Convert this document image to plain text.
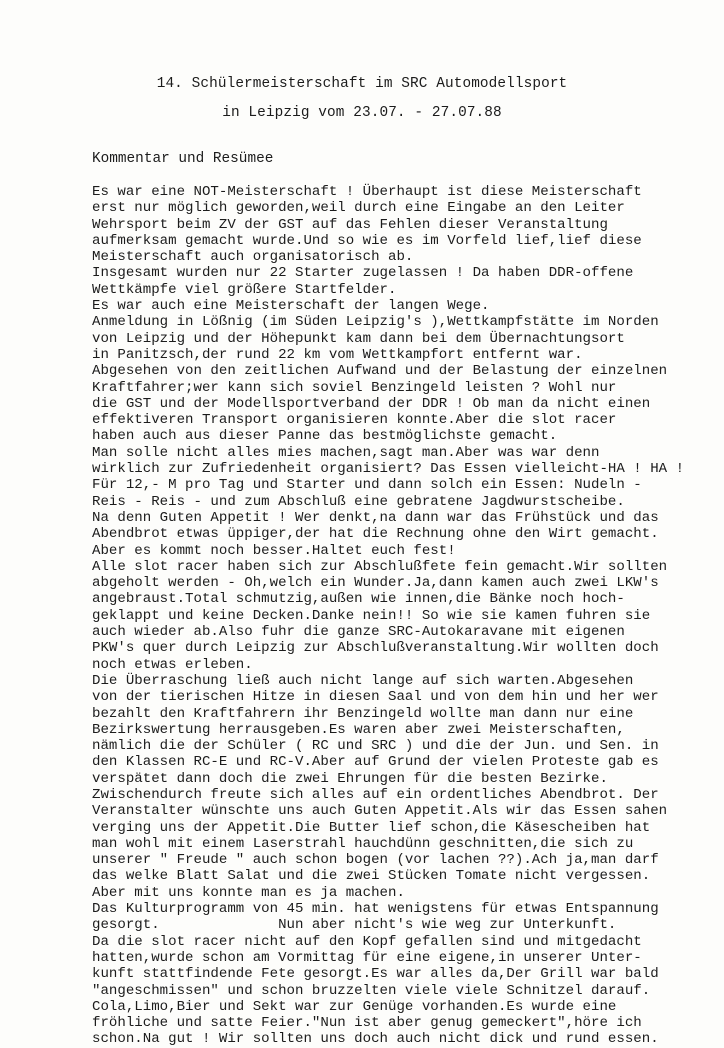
14. Schülermeisterschaft im SRC Automodellsport
in Leipzig vom 23.07. - 27.07.88
Kommentar und Resümee
Es war eine NOT-Meisterschaft ! Überhaupt ist diese Meisterschaft
erst nur möglich geworden,weil durch eine Eingabe an den Leiter
Wehrsport beim ZV der GST auf das Fehlen dieser Veranstaltung
aufmerksam gemacht wurde.Und so wie es im Vorfeld lief,lief diese
Meisterschaft auch organisatorisch ab.
Insgesamt wurden nur 22 Starter zugelassen ! Da haben DDR-offene
Wettkämpfe viel größere Startfelder.
Es war auch eine Meisterschaft der langen Wege.
Anmeldung in Lößnig (im Süden Leipzig's ),Wettkampfstätte im Norden
von Leipzig und der Höhepunkt kam dann bei dem Übernachtungsort
in Panitzsch,der rund 22 km vom Wettkampfort entfernt war.
Abgesehen von den zeitlichen Aufwand und der Belastung der einzelnen
Kraftfahrer;wer kann sich soviel Benzingeld leisten ? Wohl nur
die GST und der Modellsportverband der DDR ! Ob man da nicht einen
effektiveren Transport organisieren konnte.Aber die slot racer
haben auch aus dieser Panne das bestmöglichste gemacht.
Man solle nicht alles mies machen,sagt man.Aber was war denn
wirklich zur Zufriedenheit organisiert? Das Essen vielleicht-HA ! HA !
Für 12,- M pro Tag und Starter und dann solch ein Essen: Nudeln -
Reis - Reis - und zum Abschluß eine gebratene Jagdwurstscheibe.
Na denn Guten Appetit ! Wer denkt,na dann war das Frühstück und das
Abendbrot etwas üppiger,der hat die Rechnung ohne den Wirt gemacht.
Aber es kommt noch besser.Haltet euch fest!
Alle slot racer haben sich zur Abschlußfete fein gemacht.Wir sollten
abgeholt werden - Oh,welch ein Wunder.Ja,dann kamen auch zwei LKW's
angebraust.Total schmutzig,außen wie innen,die Bänke noch hoch-
geklappt und keine Decken.Danke nein!! So wie sie kamen fuhren sie
auch wieder ab.Also fuhr die ganze SRC-Autokaravane mit eigenen
PKW's quer durch Leipzig zur Abschlußveranstaltung.Wir wollten doch
noch etwas erleben.
Die Überraschung ließ auch nicht lange auf sich warten.Abgesehen
von der tierischen Hitze in diesen Saal und von dem hin und her wer
bezahlt den Kraftfahrern ihr Benzingeld wollte man dann nur eine
Bezirkswertung herrausgeben.Es waren aber zwei Meisterschaften,
nämlich die der Schüler ( RC und SRC ) und die der Jun. und Sen. in
den Klassen RC-E und RC-V.Aber auf Grund der vielen Proteste gab es
verspätet dann doch die zwei Ehrungen für die besten Bezirke.
Zwischendurch freute sich alles auf ein ordentliches Abendbrot. Der
Veranstalter wünschte uns auch Guten Appetit.Als wir das Essen sahen
verging uns der Appetit.Die Butter lief schon,die Käsescheiben hat
man wohl mit einem Laserstrahl hauchdünn geschnitten,die sich zu
unserer " Freude " auch schon bogen (vor lachen ??).Ach ja,man darf
das welke Blatt Salat und die zwei Stücken Tomate nicht vergessen.
Aber mit uns konnte man es ja machen.
Das Kulturprogramm von 45 min. hat wenigstens für etwas Entspannung
gesorgt.              Nun aber nicht's wie weg zur Unterkunft.
Da die slot racer nicht auf den Kopf gefallen sind und mitgedacht
hatten,wurde schon am Vormittag für eine eigene,in unserer Unter-
kunft stattfindende Fete gesorgt.Es war alles da,Der Grill war bald
"angeschmissen" und schon bruzzelten viele viele Schnitzel darauf.
Cola,Limo,Bier und Sekt war zur Genüge vorhanden.Es wurde eine
fröhliche und satte Feier."Nun ist aber genug gemeckert",höre ich
schon.Na gut ! Wir sollten uns doch auch nicht dick und rund essen.
